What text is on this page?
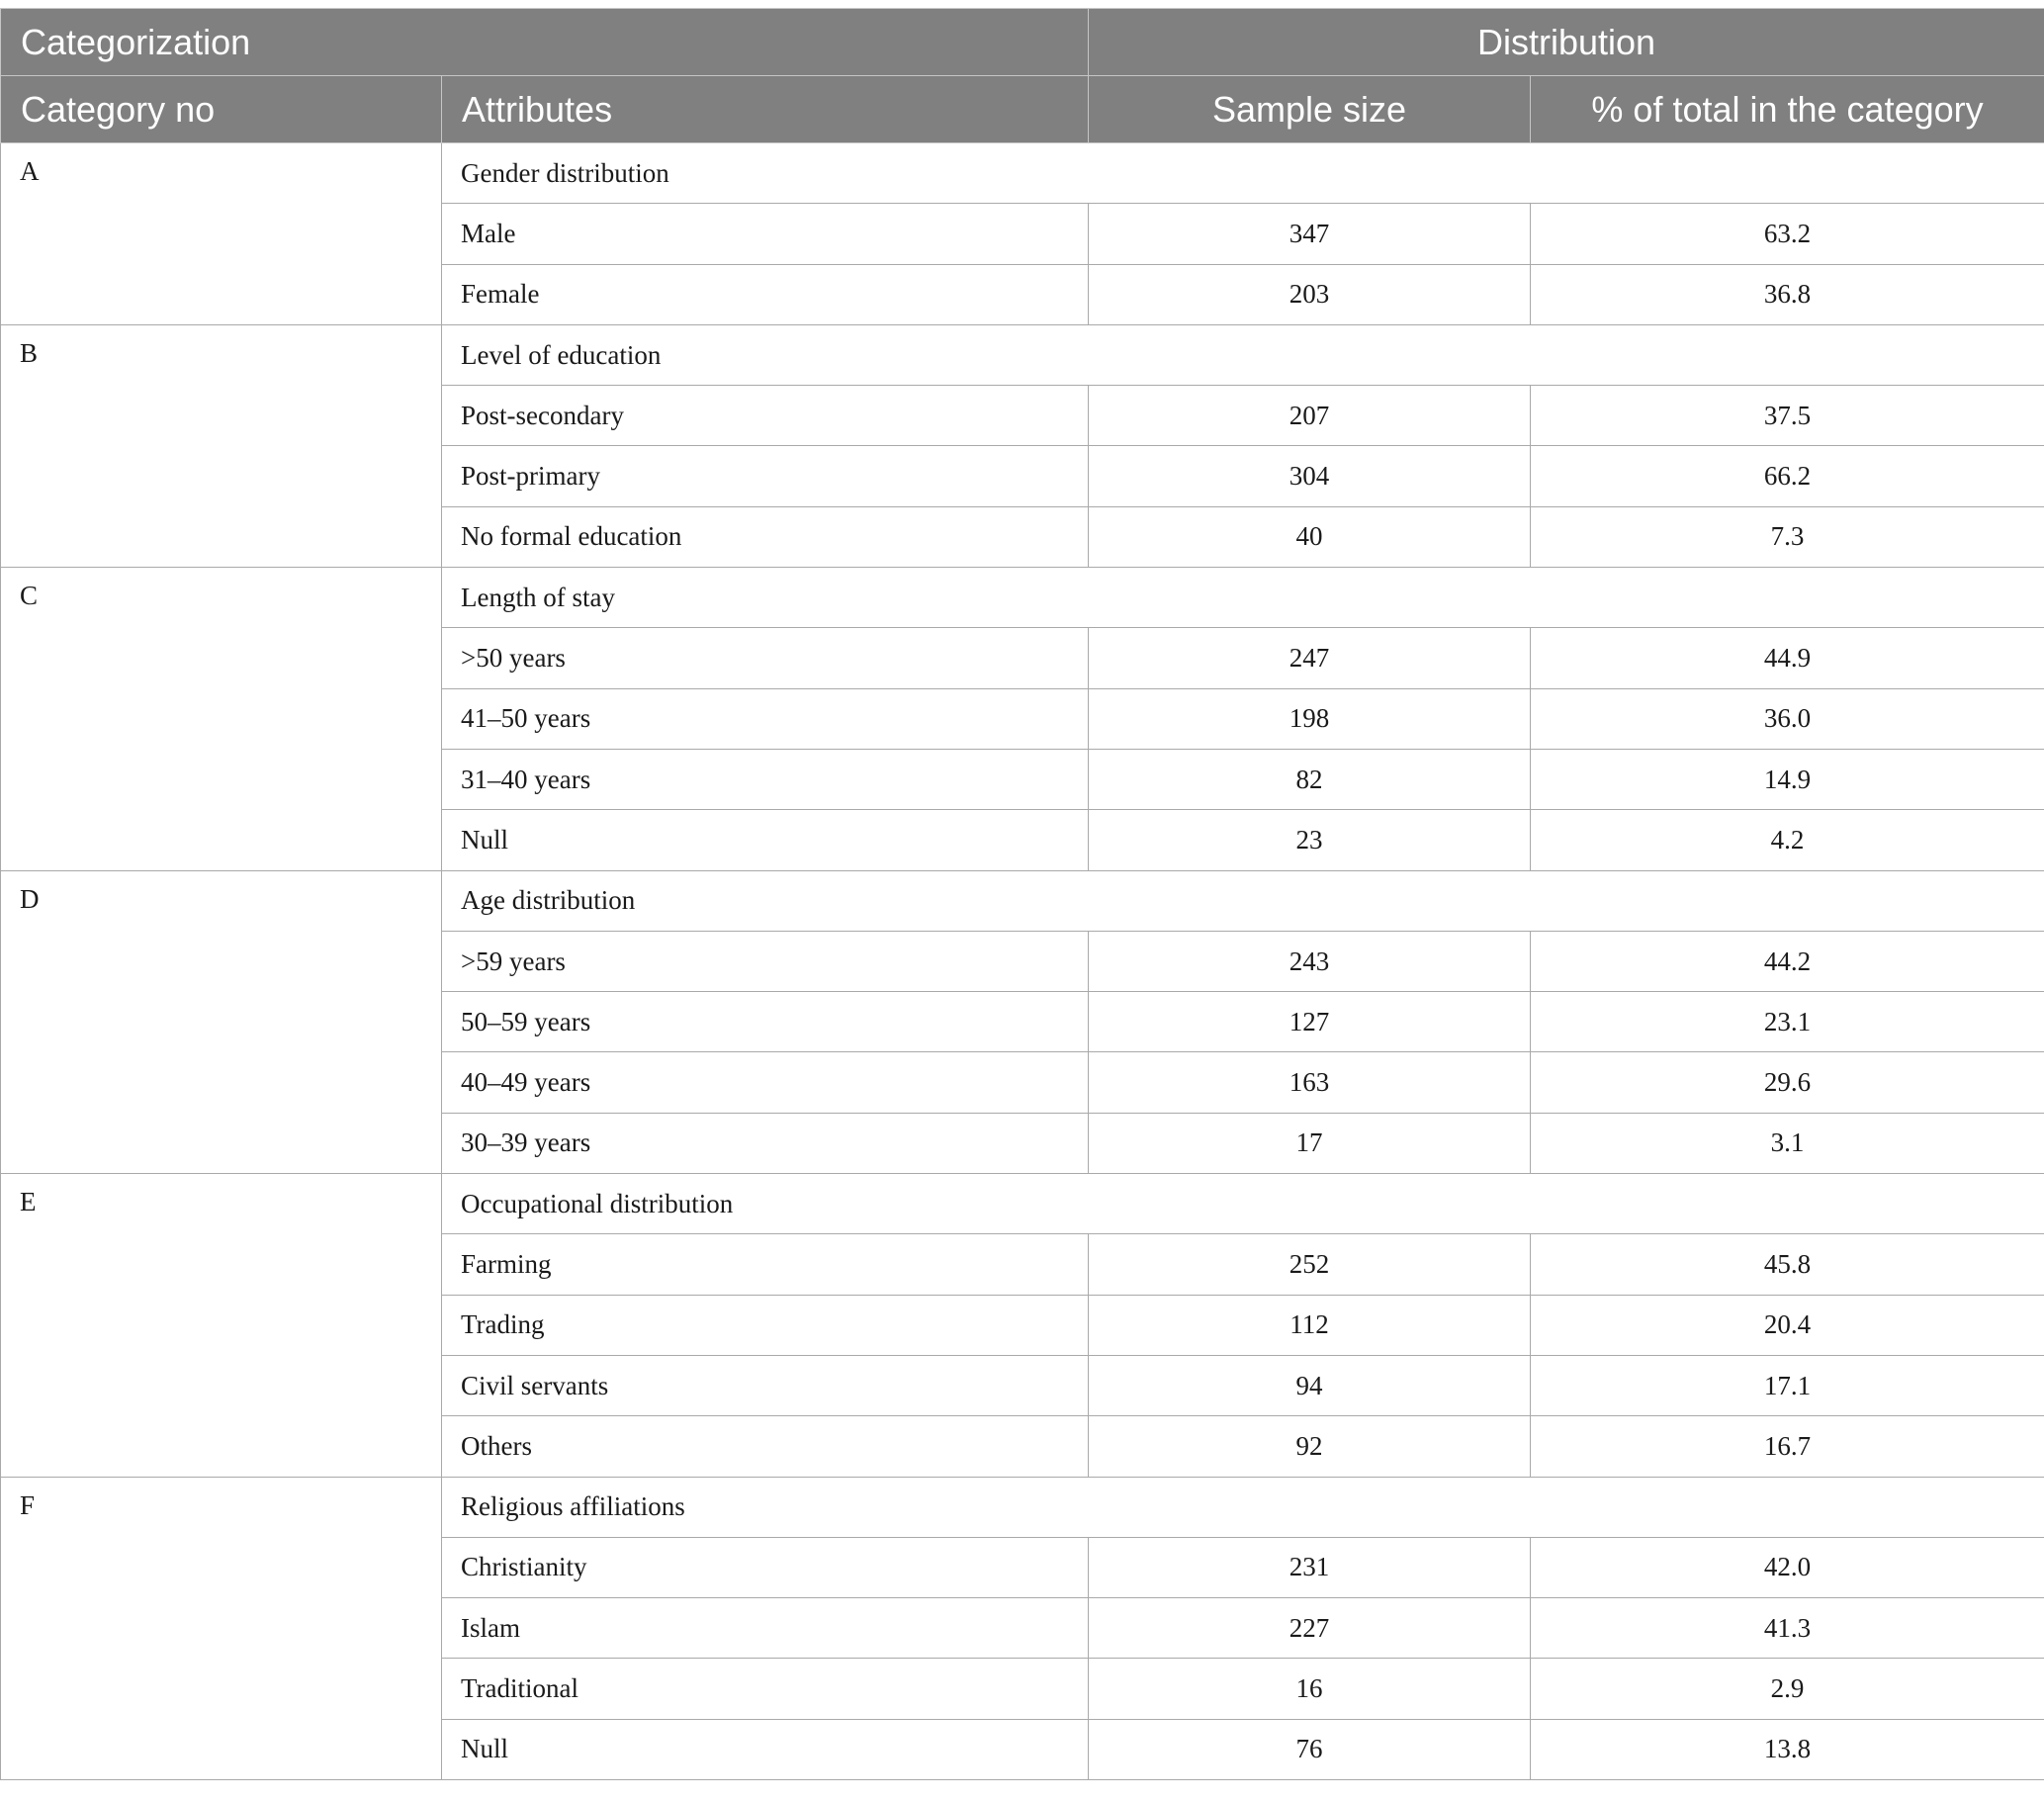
Categorization		Distribution	
Category no	Attributes	Sample size	% of total in the category
A	Gender distribution		
	Male	347	63.2
	Female	203	36.8
B	Level of education		
	Post-secondary	207	37.5
	Post-primary	304	66.2
	No formal education	40	7.3
C	Length of stay		
	>50 years	247	44.9
	41–50 years	198	36.0
	31–40 years	82	14.9
	Null	23	4.2
D	Age distribution		
	>59 years	243	44.2
	50–59 years	127	23.1
	40–49 years	163	29.6
	30–39 years	17	3.1
E	Occupational distribution		
	Farming	252	45.8
	Trading	112	20.4
	Civil servants	94	17.1
	Others	92	16.7
F	Religious affiliations		
	Christianity	231	42.0
	Islam	227	41.3
	Traditional	16	2.9
	Null	76	13.8
